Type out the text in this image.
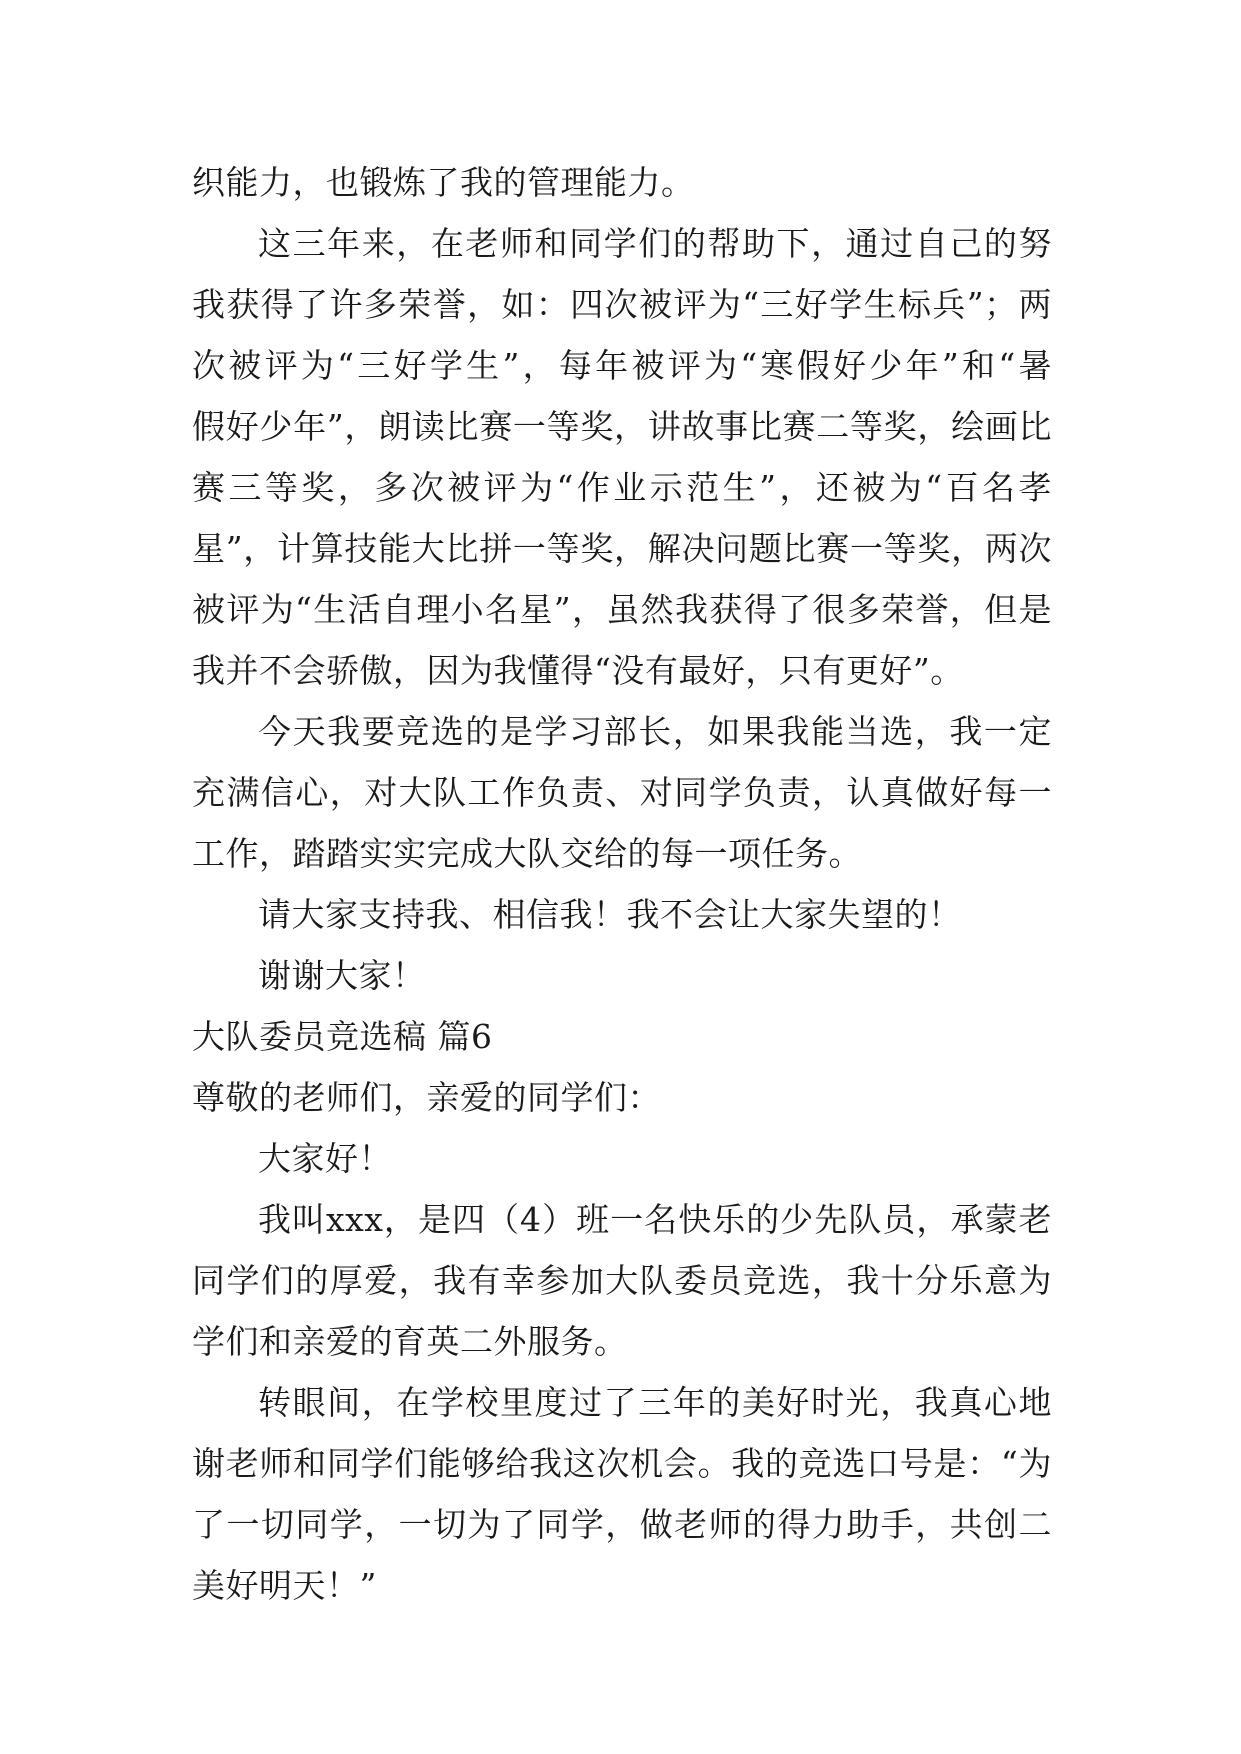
织能力，也锻炼了我的管理能力。
这三年来，在老师和同学们的帮助下，通过自己的努
我获得了许多荣誉，如：四次被评为“三好学生标兵”；两
次被评为“三好学生”，每年被评为“寒假好少年”和“暑
假好少年”，朗读比赛一等奖，讲故事比赛二等奖，绘画比
赛三等奖，多次被评为“作业示范生”，还被为“百名孝
星”，计算技能大比拼一等奖，解决问题比赛一等奖，两次
被评为“生活自理小名星”，虽然我获得了很多荣誉，但是
我并不会骄傲，因为我懂得“没有最好，只有更好”。
今天我要竞选的是学习部长，如果我能当选，我一定
充满信心，对大队工作负责、对同学负责，认真做好每一
工作，踏踏实实完成大队交给的每一项任务。
请大家支持我、相信我！我不会让大家失望的！
谢谢大家！
大队委员竞选稿 篇6
尊敬的老师们，亲爱的同学们：
大家好！
我叫xxx，是四（4）班一名快乐的少先队员，承蒙老
同学们的厚爱，我有幸参加大队委员竞选，我十分乐意为
学们和亲爱的育英二外服务。
转眼间，在学校里度过了三年的美好时光，我真心地
谢老师和同学们能够给我这次机会。我的竞选口号是：“为
了一切同学，一切为了同学，做老师的得力助手，共创二
美好明天！”
